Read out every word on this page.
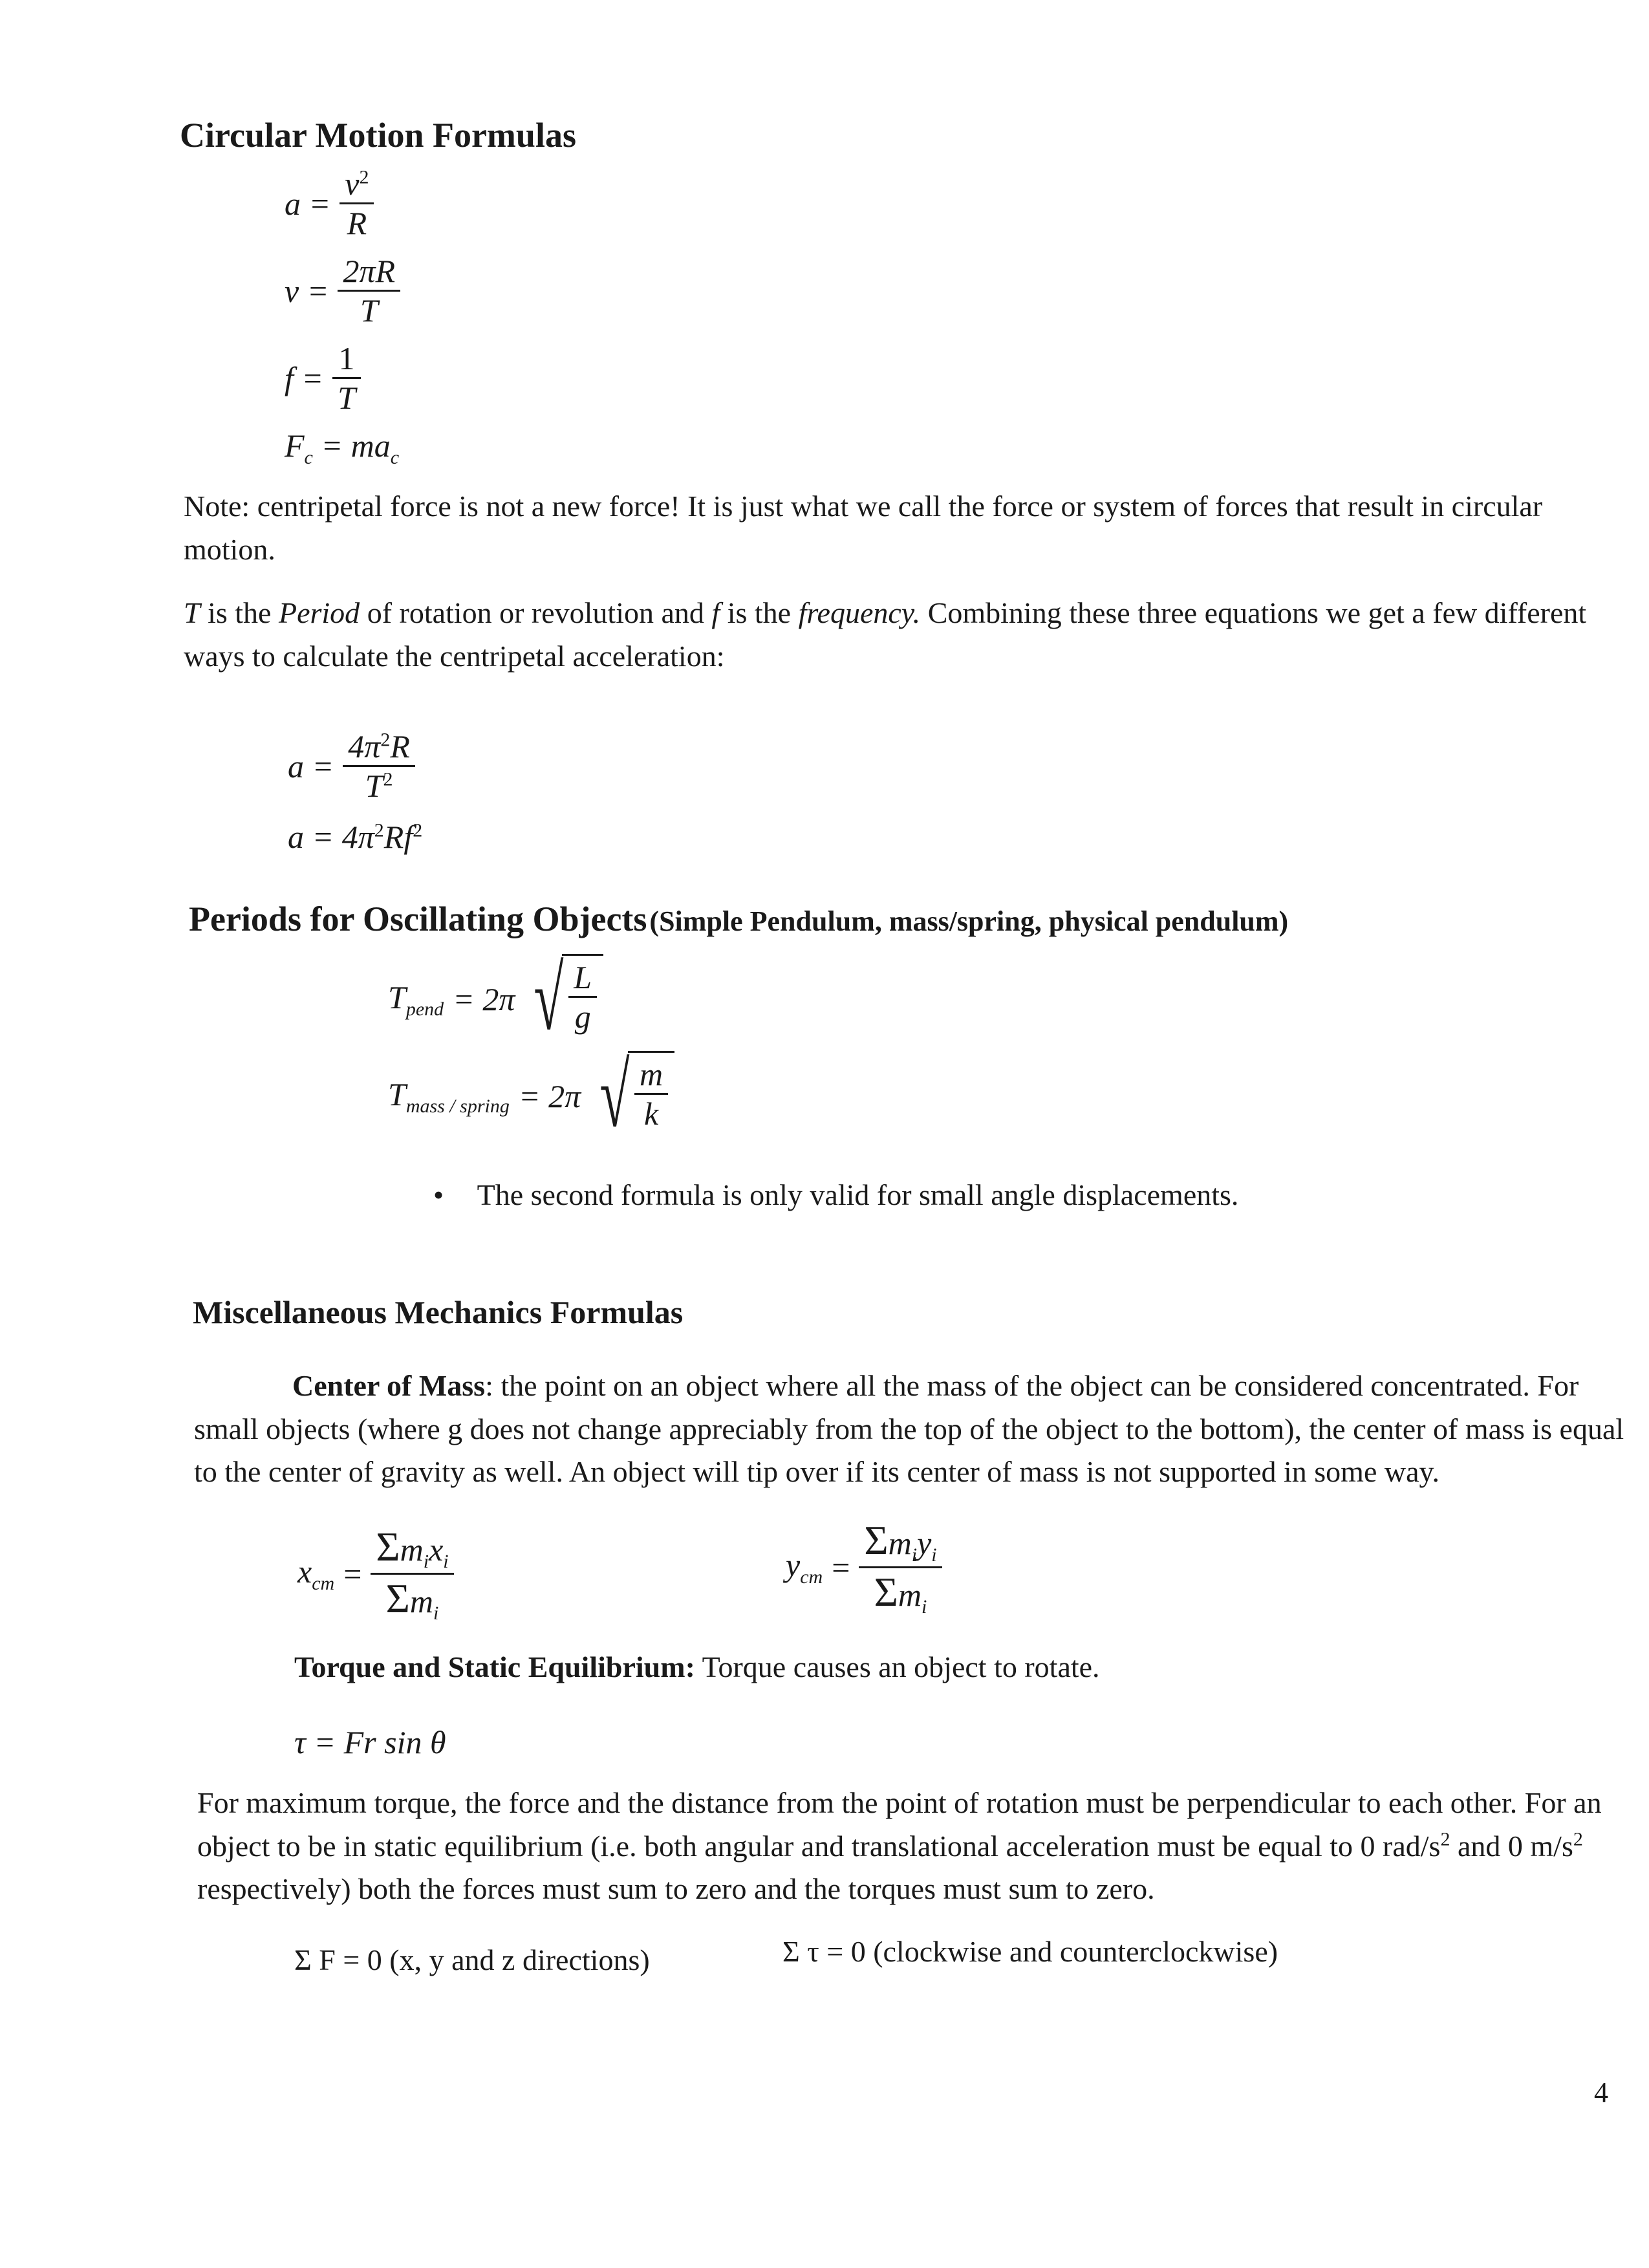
Circular Motion Formulas
$a = \frac{v^2}{R}$
$v = \frac{2\pi R}{T}$
$f = \frac{1}{T}$
$F_c = ma_c$
Note: centripetal force is not a new force! It is just what we call the force or system of forces that result in circular motion.
T is the Period of rotation or revolution and f is the frequency. Combining these three equations we get a few different ways to calculate the centripetal acceleration:
$a = \frac{4\pi^2R}{T^2}$
$a = 4\pi^2Rf^2$
Periods for Oscillating Objects (Simple Pendulum, mass/spring, physical pendulum)
$T_{pend} = 2\pi$ √ $\frac{L}{g}$
$T_{mass / spring} = 2\pi$ √ $\frac{m}{k}$
• The second formula is only valid for small angle displacements.
Miscellaneous Mechanics Formulas
Center of Mass: the point on an object where all the mass of the object can be considered concentrated. For small objects (where g does not change appreciably from the top of the object to the bottom), the center of mass is equal to the center of gravity as well. An object will tip over if its center of mass is not supported in some way.
$x_{cm} = \frac{\Sigma m_ix_i}{\Sigma m_i}$	$y_{cm} = \frac{\Sigma m_iy_i}{\Sigma m_i}$
Torque and Static Equilibrium: Torque causes an object to rotate.
τ = Fr sin θ
For maximum torque, the force and the distance from the point of rotation must be perpendicular to each other. For an object to be in static equilibrium (i.e. both angular and translational acceleration must be equal to 0 rad/$s^2$ and 0 $m/s^2$ respectively) both the forces must sum to zero and the torques must sum to zero.
Σ F = 0 (x, y and z directions)	Σ τ = 0 (clockwise and counterclockwise)
4
